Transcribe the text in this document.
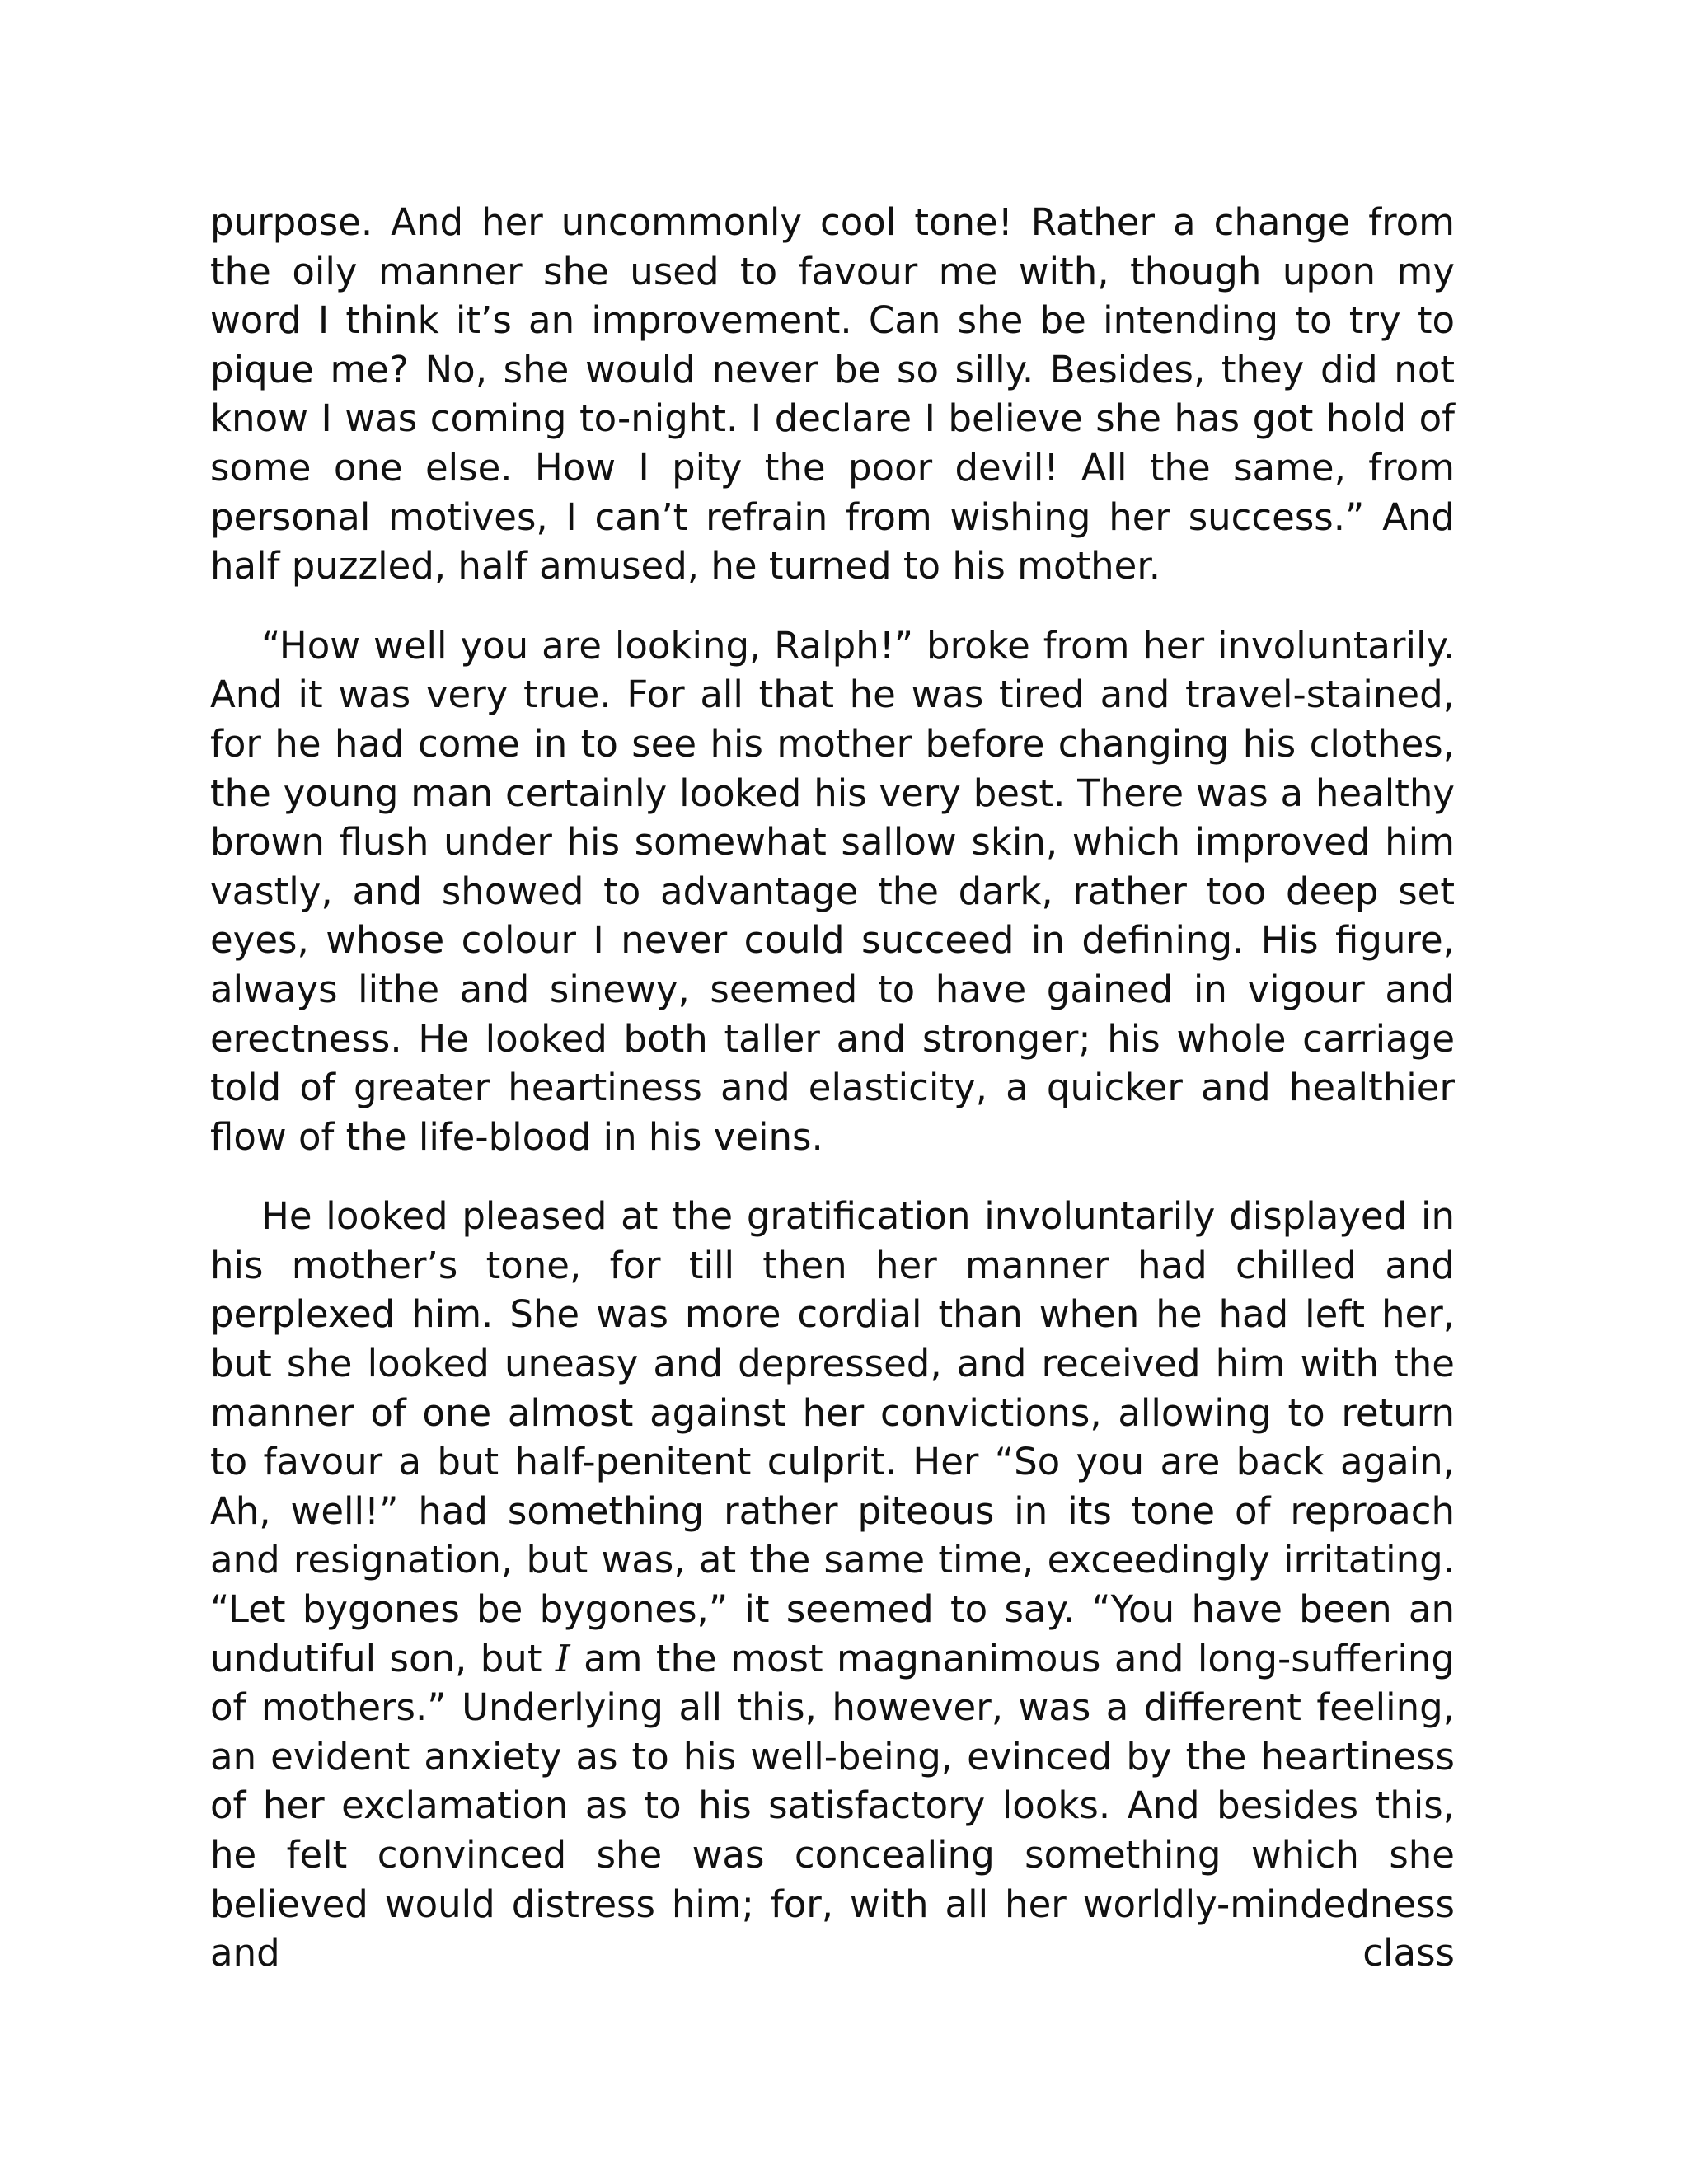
purpose. And her uncommonly cool tone! Rather a change from the oily manner she used to favour me with, though upon my word I think it’s an improvement. Can she be intending to try to pique me? No, she would never be so silly. Besides, they did not know I was coming to-night. I declare I believe she has got hold of some one else. How I pity the poor devil! All the same, from personal motives, I can’t refrain from wishing her success.” And half puzzled, half amused, he turned to his mother.

“How well you are looking, Ralph!” broke from her involuntarily. And it was very true. For all that he was tired and travel-stained, for he had come in to see his mother before changing his clothes, the young man certainly looked his very best. There was a healthy brown flush under his somewhat sallow skin, which improved him vastly, and showed to advantage the dark, rather too deep set eyes, whose colour I never could succeed in defining. His figure, always lithe and sinewy, seemed to have gained in vigour and erectness. He looked both taller and stronger; his whole carriage told of greater heartiness and elasticity, a quicker and healthier flow of the life-blood in his veins.

He looked pleased at the gratification involuntarily displayed in his mother’s tone, for till then her manner had chilled and perplexed him. She was more cordial than when he had left her, but she looked uneasy and depressed, and received him with the manner of one almost against her convictions, allowing to return to favour a but half-penitent culprit. Her “So you are back again, Ah, well!” had something rather piteous in its tone of reproach and resignation, but was, at the same time, exceedingly irritating. “Let bygones be bygones,” it seemed to say. “You have been an undutiful son, but I am the most magnanimous and long-suffering of mothers.” Underlying all this, however, was a different feeling, an evident anxiety as to his well-being, evinced by the heartiness of her exclamation as to his satisfactory looks. And besides this, he felt convinced she was concealing something which she believed would distress him; for, with all her worldly-mindedness and class
